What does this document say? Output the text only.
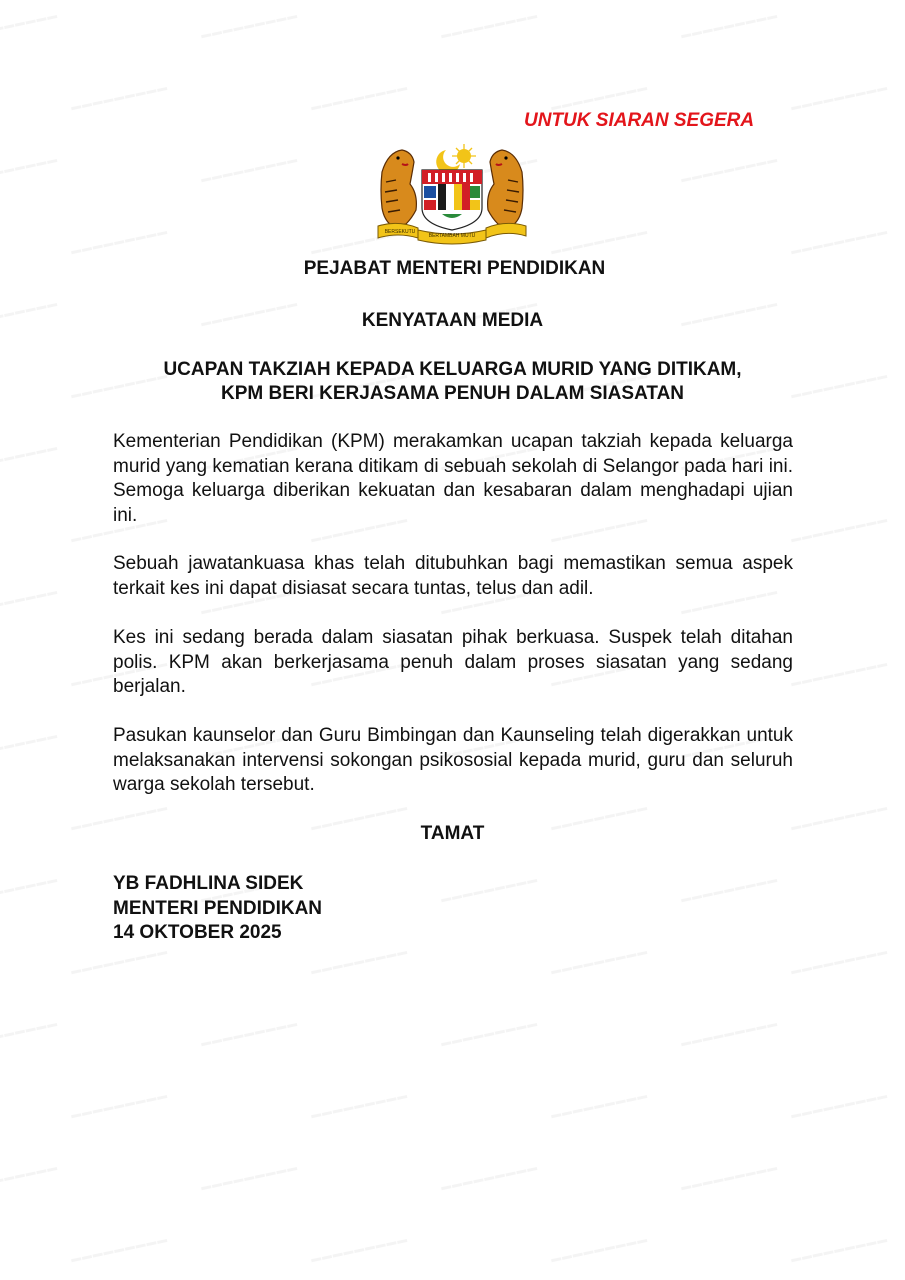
UNTUK SIARAN SEGERA
BERSEKUTU
BERTAMBAH MUTU
PEJABAT MENTERI PENDIDIKAN
KENYATAAN MEDIA
UCAPAN TAKZIAH KEPADA KELUARGA MURID YANG DITIKAM,
KPM BERI KERJASAMA PENUH DALAM SIASATAN
Kementerian Pendidikan (KPM) merakamkan ucapan takziah kepada keluarga murid yang kematian kerana ditikam di sebuah sekolah di Selangor pada hari ini. Semoga keluarga diberikan kekuatan dan kesabaran dalam menghadapi ujian ini.
Sebuah jawatankuasa khas telah ditubuhkan bagi memastikan semua aspek terkait kes ini dapat disiasat secara tuntas, telus dan adil.
Kes ini sedang berada dalam siasatan pihak berkuasa. Suspek telah ditahan polis. KPM akan berkerjasama penuh dalam proses siasatan yang sedang berjalan.
Pasukan kaunselor dan Guru Bimbingan dan Kaunseling telah digerakkan untuk melaksanakan intervensi sokongan psikososial kepada murid, guru dan seluruh warga sekolah tersebut.
TAMAT
YB FADHLINA SIDEK
MENTERI PENDIDIKAN
14 OKTOBER 2025
